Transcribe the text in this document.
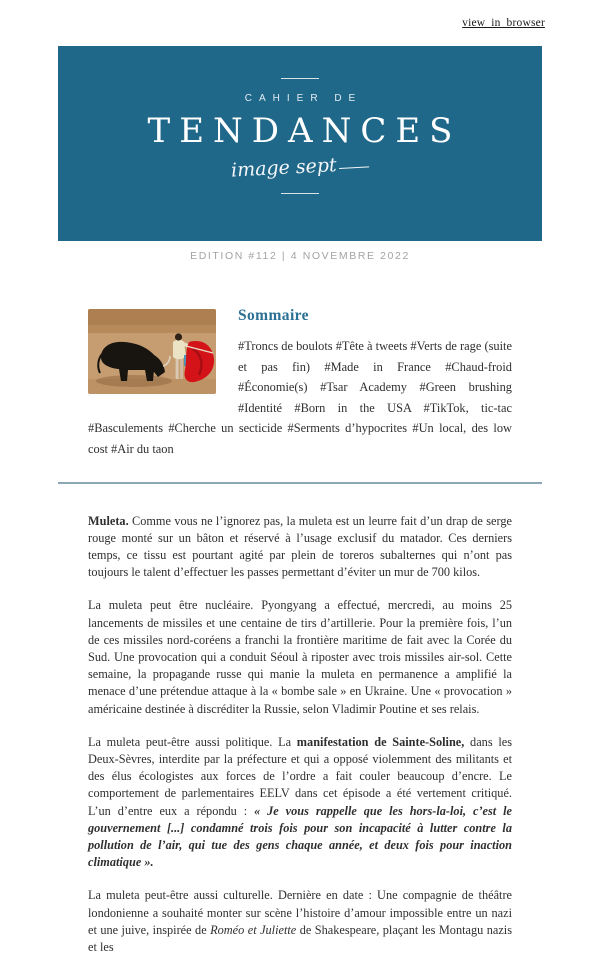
view_in_browser
CAHIER DE
TENDANCES
image sept
EDITION #112 | 4 NOVEMBRE 2022
Sommaire

#Troncs de boulots #Tête à tweets #Verts de rage (suite et pas fin) #Made in France #Chaud-froid #Économie(s) #Tsar Academy #Green brushing #Identité #Born in the USA #TikTok, tic-tac #Basculements #Cherche un secticide #Serments d’hypocrites #Un local, des low cost #Air du taon

Muleta. Comme vous ne l’ignorez pas, la muleta est un leurre fait d’un drap de serge rouge monté sur un bâton et réservé à l’usage exclusif du matador. Ces derniers temps, ce tissu est pourtant agité par plein de toreros subalternes qui n’ont pas toujours le talent d’effectuer les passes permettant d’éviter un mur de 700 kilos.

La muleta peut être nucléaire. Pyongyang a effectué, mercredi, au moins 25 lancements de missiles et une centaine de tirs d’artillerie. Pour la première fois, l’un de ces missiles nord-coréens a franchi la frontière maritime de fait avec la Corée du Sud. Une provocation qui a conduit Séoul à riposter avec trois missiles air-sol. Cette semaine, la propagande russe qui manie la muleta en permanence a amplifié la menace d’une prétendue attaque à la « bombe sale » en Ukraine. Une « provocation » américaine destinée à discréditer la Russie, selon Vladimir Poutine et ses relais.

La muleta peut-être aussi politique. La manifestation de Sainte-Soline, dans les Deux-Sèvres, interdite par la préfecture et qui a opposé violemment des militants et des élus écologistes aux forces de l’ordre a fait couler beaucoup d’encre. Le comportement de parlementaires EELV dans cet épisode a été vertement critiqué. L’un d’entre eux a répondu : « Je vous rappelle que les hors-la-loi, c’est le gouvernement [...] condamné trois fois pour son incapacité à lutter contre la pollution de l’air, qui tue des gens chaque année, et deux fois pour inaction climatique ».

La muleta peut-être aussi culturelle. Dernière en date : Une compagnie de théâtre londonienne a souhaité monter sur scène l’histoire d’amour impossible entre un nazi et une juive, inspirée de Roméo et Juliette de Shakespeare, plaçant les Montagu nazis et les
